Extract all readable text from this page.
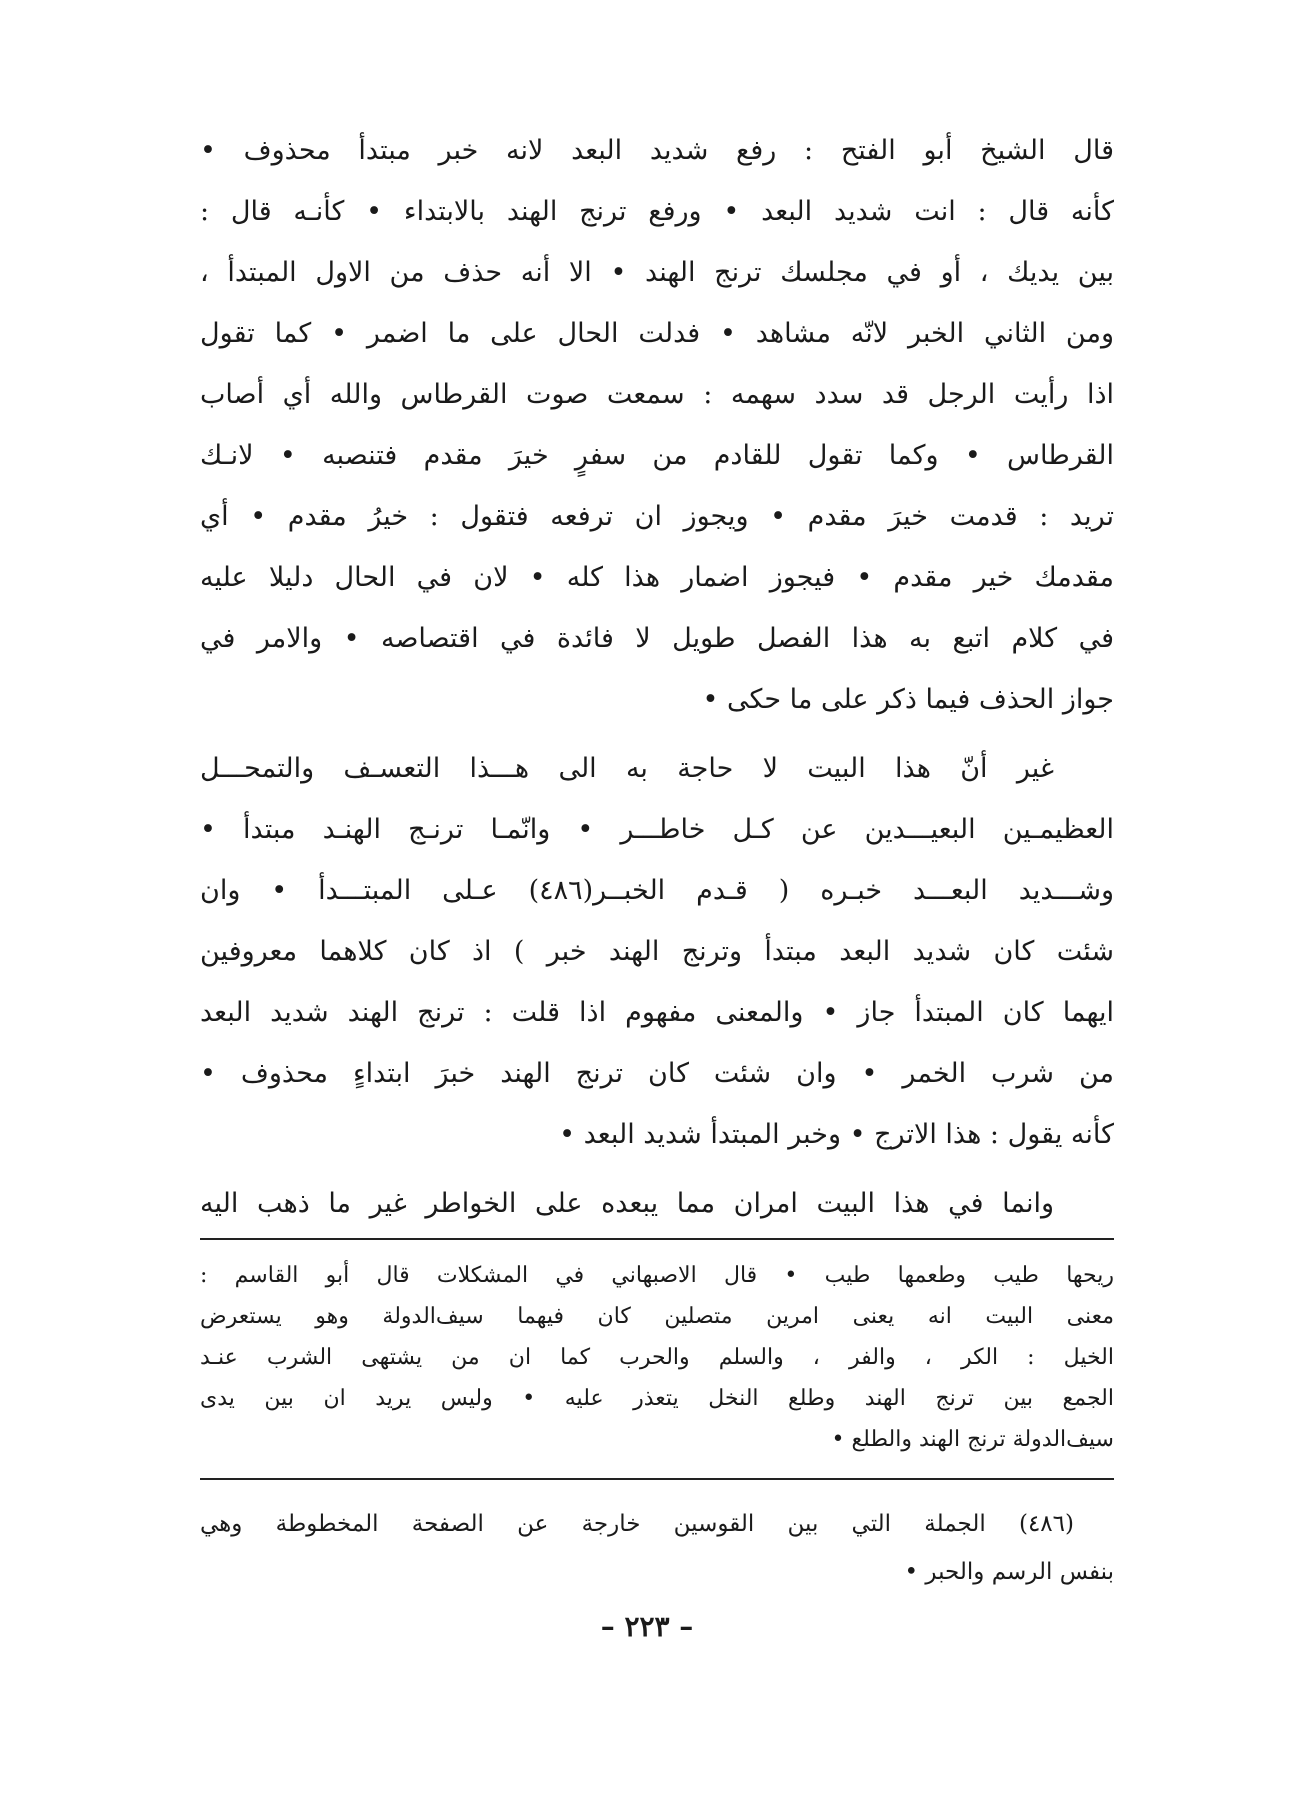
قال الشيخ أبو الفتح : رفع شديد البعد لانه خبر مبتدأ محذوف •
كأنه قال : انت شديد البعد • ورفع ترنج الهند بالابتداء • كأنـه قال :
بين يديك ، أو في مجلسك ترنج الهند • الا أنه حذف من الاول المبتدأ ،
ومن الثاني الخبر لانّه مشاهد • فدلت الحال على ما اضمر • كما تقول
اذا رأيت الرجل قد سدد سهمه : سمعت صوت القرطاس والله أي أصاب
القرطاس • وكما تقول للقادم من سفرٍ خيرَ مقدم فتنصبه • لانـك
تريد : قدمت خيرَ مقدم • ويجوز ان ترفعه فتقول : خيرُ مقدم • أي
مقدمك خير مقدم • فيجوز اضمار هذا كله • لان في الحال دليلا عليه
في كلام اتبع به هذا الفصل طويل لا فائدة في اقتصاصه • والامر في
جواز الحذف فيما ذكر على ما حكى •
غير أنّ هذا البيت لا حاجة به الى هـــذا التعسـف والتمحـــل
العظيمـين البعيـــدين عن كـل خاطـــر • وانّمـا ترنـج الهنـد مبتدأ •
وشـــديد البعـــد خبـره ( قـدم الخبــر(٤٨٦) عـلى المبتـــدأ • وان
شئت كان شديد البعد مبتدأ وترنج الهند خبر ) اذ كان كلاهما معروفين
ايهما كان المبتدأ جاز • والمعنى مفهوم اذا قلت : ترنج الهند شديد البعد
من شرب الخمر • وان شئت كان ترنج الهند خبرَ ابتداءٍ محذوف •
كأنه يقول : هذا الاترج • وخبر المبتدأ شديد البعد •
وانما في هذا البيت امران مما يبعده على الخواطر غير ما ذهب اليه
ريحها طيب وطعمها طيب • قال الاصبهاني في المشكلات قال أبو القاسم :
معنى البيت انه يعنى امرين متصلين كان فيهما سيف‌الدولة وهو يستعرض
الخيل : الكر ، والفر ، والسلم والحرب كما ان من يشتهى الشرب عنـد
الجمع بين ترنج الهند وطلع النخل يتعذر عليه • وليس يريد ان بين يدى
سيف‌الدولة ترنج الهند والطلع •
(٤٨٦) الجملة التي بين القوسين خارجة عن الصفحة المخطوطة وهي
بنفس الرسم والحبر •
– ٢٢٣ –
